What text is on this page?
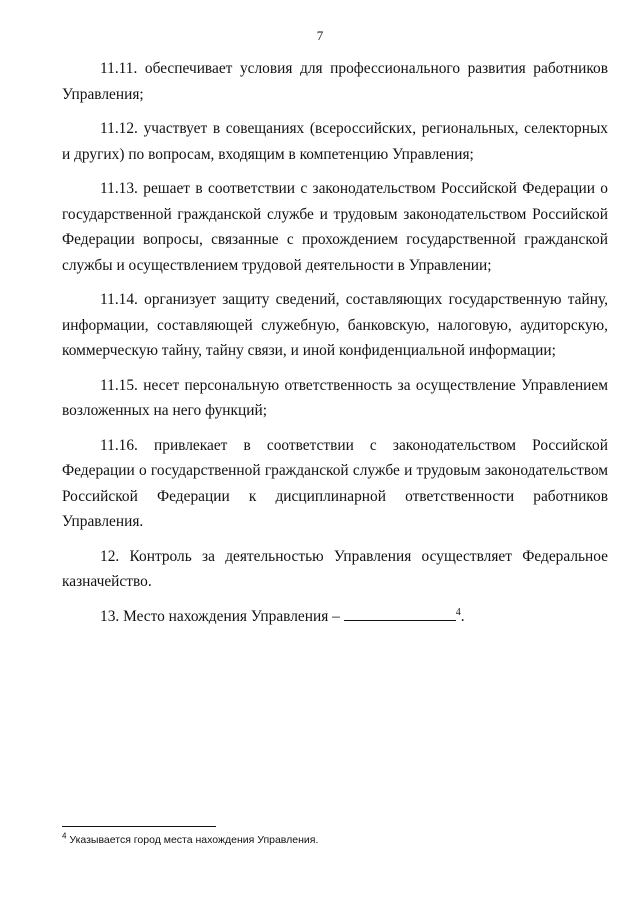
7

11.11. обеспечивает условия для профессионального развития работников Управления;

11.12. участвует в совещаниях (всероссийских, региональных, селекторных и других) по вопросам, входящим в компетенцию Управления;

11.13. решает в соответствии с законодательством Российской Федерации о государственной гражданской службе и трудовым законодательством Российской Федерации вопросы, связанные с прохождением государственной гражданской службы и осуществлением трудовой деятельности в Управлении;

11.14. организует защиту сведений, составляющих государственную тайну, информации, составляющей служебную, банковскую, налоговую, аудиторскую, коммерческую тайну, тайну связи, и иной конфиденциальной информации;

11.15. несет персональную ответственность за осуществление Управлением возложенных на него функций;

11.16. привлекает в соответствии с законодательством Российской Федерации о государственной гражданской службе и трудовым законодательством Российской Федерации к дисциплинарной ответственности работников Управления.

12. Контроль за деятельностью Управления осуществляет Федеральное казначейство.

13. Место нахождения Управления –	$^4$.

$^4$ Указывается город места нахождения Управления.
